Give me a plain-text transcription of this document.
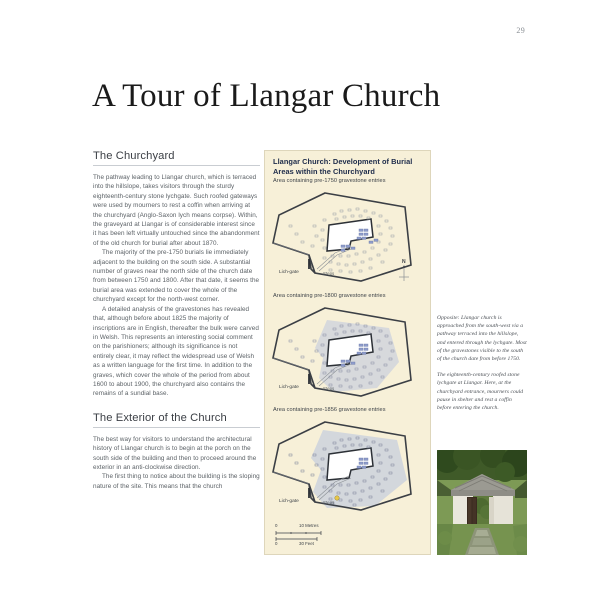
29
A Tour of Llangar Church
The Churchyard

The pathway leading to Llangar church, which is terraced into the hillslope, takes visitors through the sturdy eighteenth-century stone lychgate. Such roofed gateways were used by mourners to rest a coffin when arriving at the churchyard (Anglo-Saxon lych means corpse). Within, the graveyard at Llangar is of considerable interest since it has been left virtually untouched since the abandonment of the old church for burial after about 1870.

The majority of the pre-1750 burials lie immediately adjacent to the building on the south side. A substantial number of graves near the north side of the church date from between 1750 and 1800. After that date, it seems the burial area was extended to cover the whole of the churchyard except for the north-west corner.

A detailed analysis of the gravestones has revealed that, although before about 1825 the majority of inscriptions are in English, thereafter the bulk were carved in Welsh. This represents an interesting social comment on the parishioners; although its significance is not entirely clear, it may reflect the widespread use of Welsh as a written language for the first time. In addition to the graves, which cover the whole of the period from about 1600 to about 1900, the churchyard also contains the remains of a sundial base.

The Exterior of the Church

The best way for visitors to understand the architectural history of Llangar church is to begin at the porch on the south side of the building and then to proceed around the exterior in an anti-clockwise direction.

The first thing to notice about the building is the sloping nature of the site. This means that the church

Llangar Church: Development of Burial Areas within the Churchyard
Area containing pre-1750 gravestone entries
Lich-gate	Steps
N
Area containing pre-1800 gravestone entries
Lich-gate	Steps
Area containing pre-1856 gravestone entries
Lich-gate	Steps
0	10 Metres
0	30 Feet

Opposite: Llangar church is approached from the south-west via a pathway terraced into the hillslope, and entered through the lychgate. Most of the gravestones visible to the south of the church date from before 1750.

The eighteenth-century roofed stone lychgate at Llangar. Here, at the churchyard entrance, mourners could pause in shelter and rest a coffin before entering the church.
